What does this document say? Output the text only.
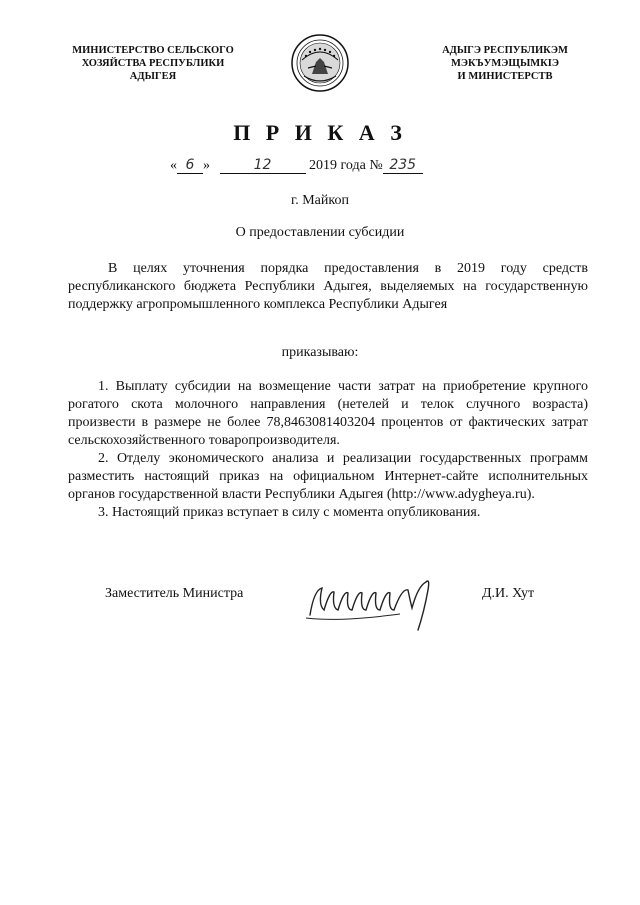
МИНИСТЕРСТВО СЕЛЬСКОГО
ХОЗЯЙСТВА РЕСПУБЛИКИ
АДЫГЕЯ
АДЫГЭ РЕСПУБЛИКЭМ
МЭКЪУМЭЩЫМКIЭ
И МИНИСТЕРСТВ
П Р И К А З
« 6 »	12	2019 года № 235
г. Майкоп
О предоставлении субсидии
В целях уточнения порядка предоставления в 2019 году средств республиканского бюджета Республики Адыгея, выделяемых на государственную поддержку агропромышленного комплекса Республики Адыгея
приказываю:

1. Выплату субсидии на возмещение части затрат на приобретение крупного рогатого скота молочного направления (нетелей и телок случного возраста) произвести в размере не более 78,8463081403204 процентов от фактических затрат сельскохозяйственного товаропроизводителя.

2. Отделу экономического анализа и реализации государственных программ разместить настоящий приказ на официальном Интернет-сайте исполнительных органов государственной власти Республики Адыгея (http://www.adygheya.ru).

3. Настоящий приказ вступает в силу с момента опубликования.

Заместитель Министра	Д.И. Хут
